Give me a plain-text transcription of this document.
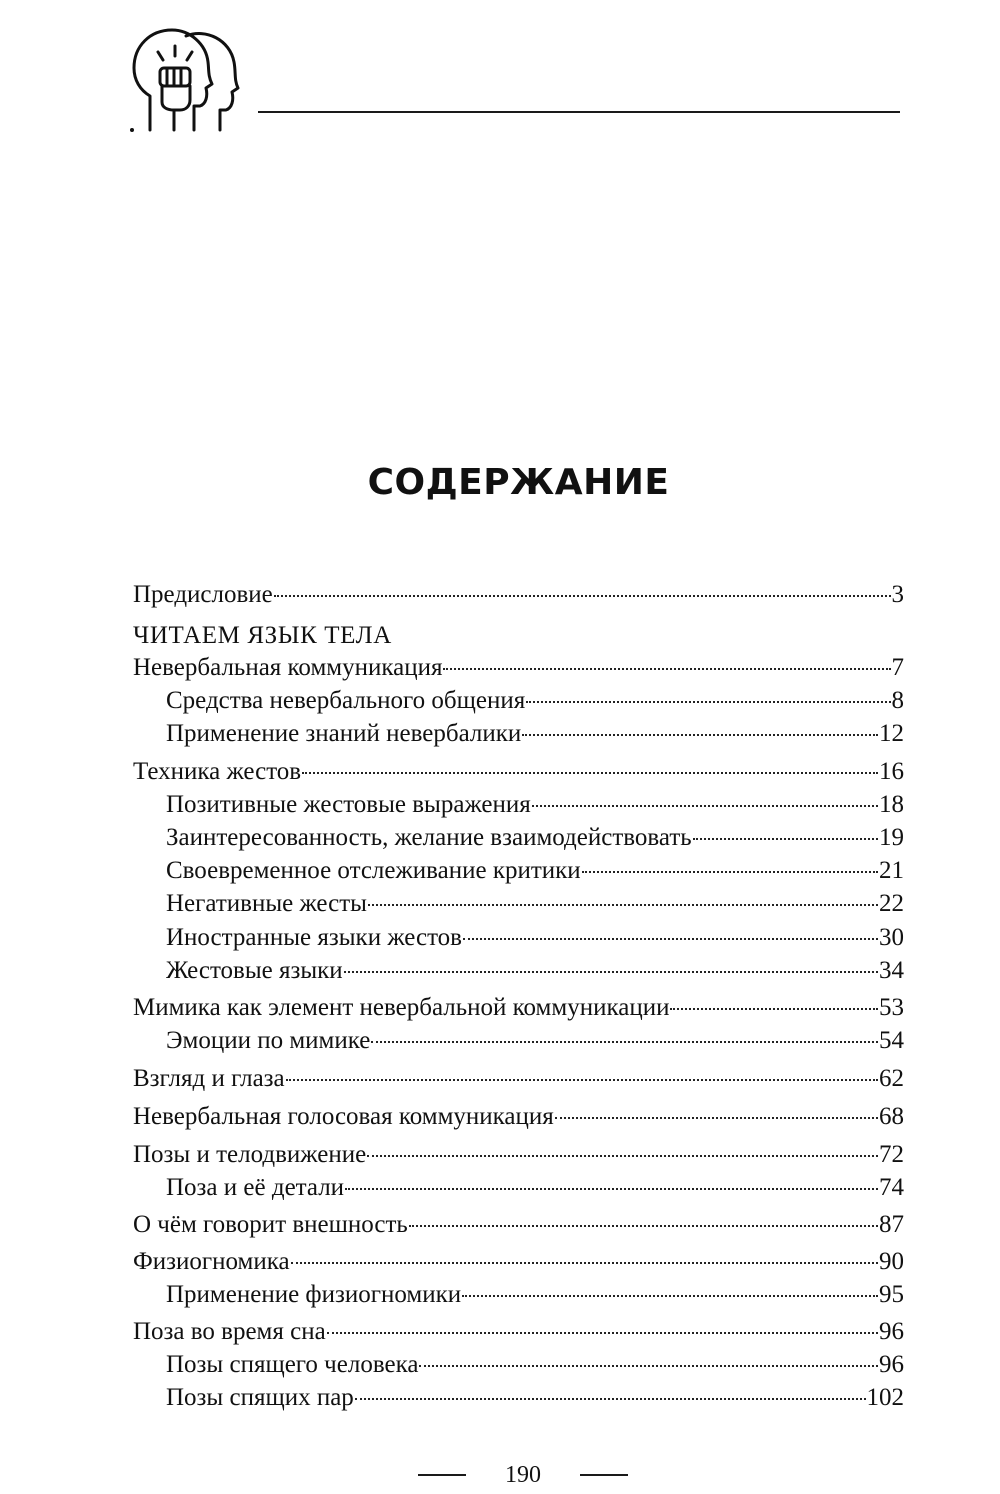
СОДЕРЖАНИЕ
Предисловие	3
ЧИТАЕМ ЯЗЫК ТЕЛА
Невербальная коммуникация	7
Средства невербального общения	8
Применение знаний невербалики	12
Техника жестов	16
Позитивные жестовые выражения	18
Заинтересованность, желание взаимодействовать	19
Своевременное отслеживание критики	21
Негативные жесты	22
Иностранные языки жестов	30
Жестовые языки	34
Мимика как элемент невербальной коммуникации	53
Эмоции по мимике	54
Взгляд и глаза	62
Невербальная голосовая коммуникация	68
Позы и телодвижение	72
Поза и её детали	74
О чём говорит внешность	87
Физиогномика	90
Применение физиогномики	95
Поза во время сна	96
Позы спящего человека	96
Позы спящих пар	102
190
